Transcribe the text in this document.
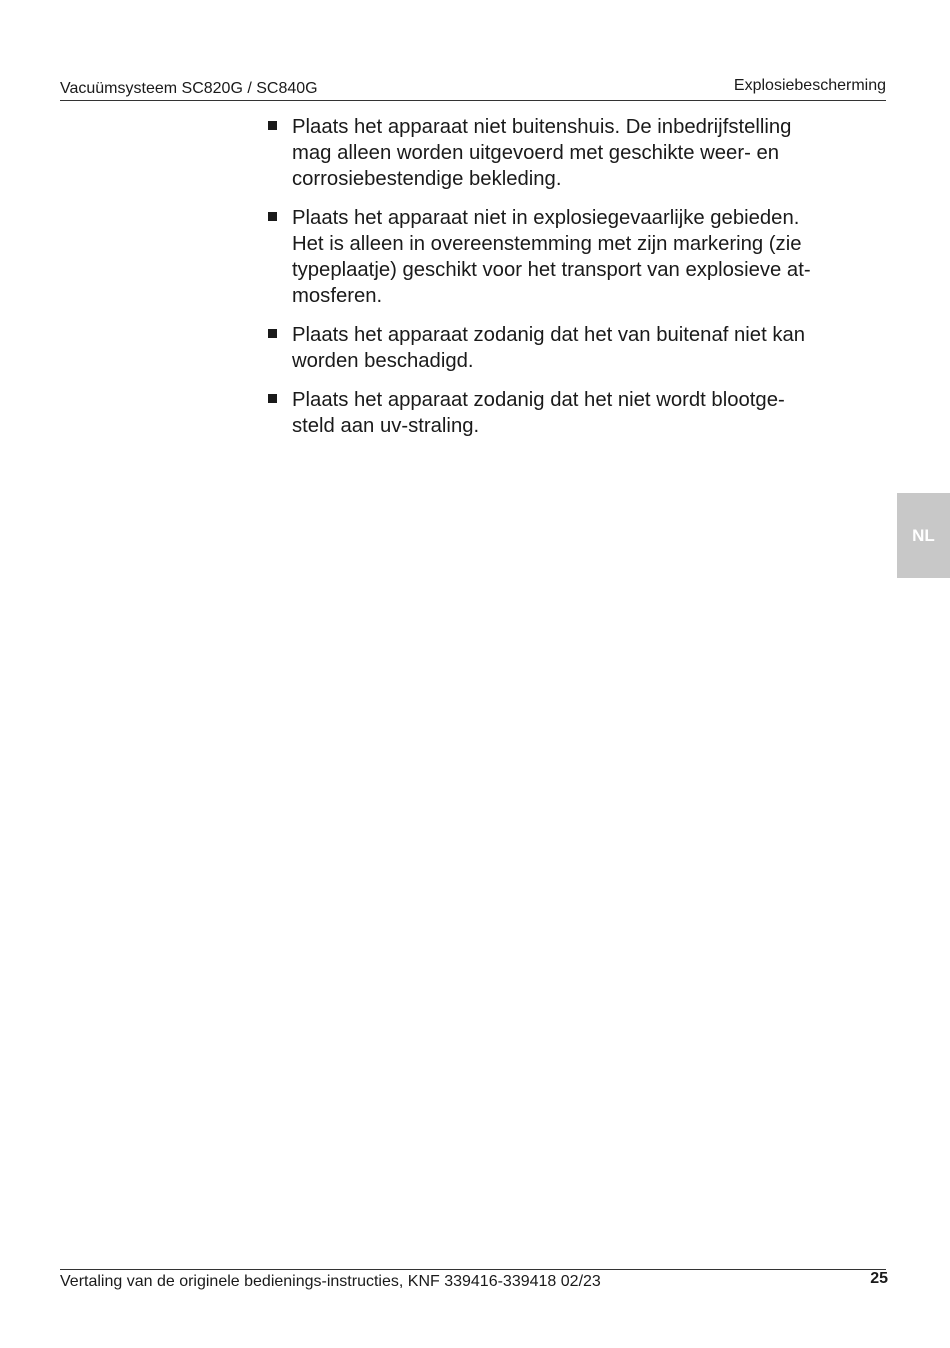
Vacuümsysteem SC820G / SC840G	Explosiebescherming
Plaats het apparaat niet buitenshuis. De inbedrijfstelling
mag alleen worden uitgevoerd met geschikte weer- en
corrosiebestendige bekleding.
Plaats het apparaat niet in explosiegevaarlijke gebieden.
Het is alleen in overeenstemming met zijn markering (zie
typeplaatje) geschikt voor het transport van explosieve at-
mosferen.
Plaats het apparaat zodanig dat het van buitenaf niet kan
worden beschadigd.
Plaats het apparaat zodanig dat het niet wordt blootge-
steld aan uv-straling.
NL
Vertaling van de originele bedienings-instructies, KNF 339416-339418 02/23	25
